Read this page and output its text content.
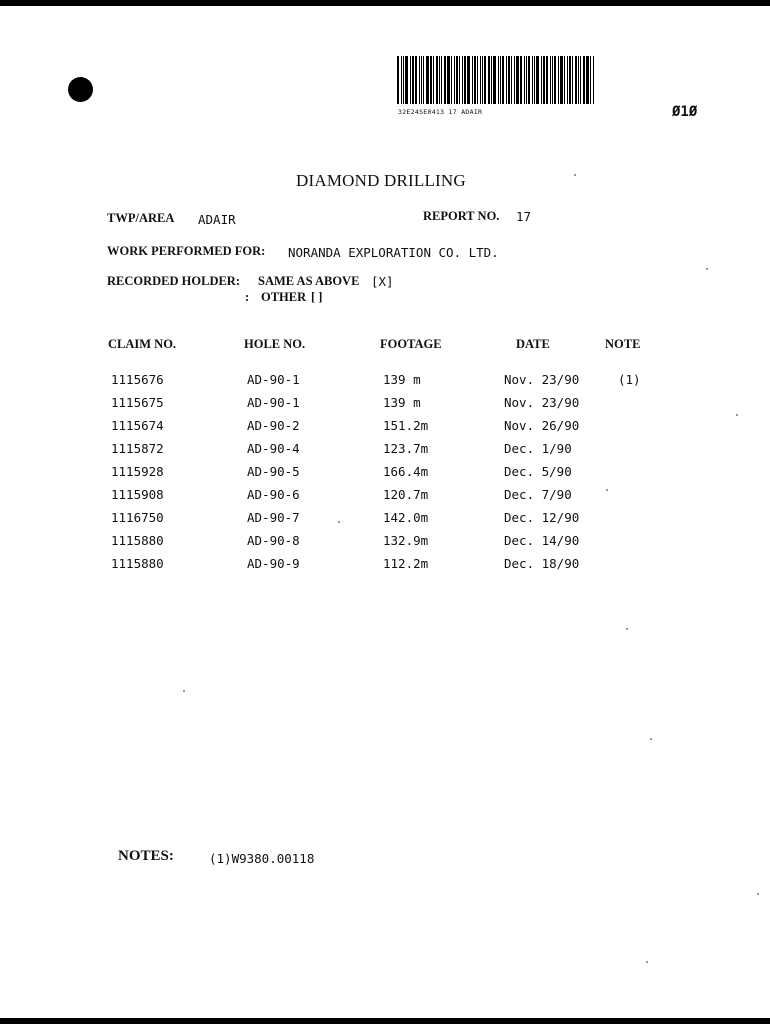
32E24SE0413 17 ADAIR	Ø1Ø
DIAMOND DRILLING
TWP/AREA ADAIR	REPORT NO. 17
WORK PERFORMED FOR: NORANDA EXPLORATION CO. LTD.
RECORDED HOLDER: SAME AS ABOVE [X]
: OTHER [ ]
CLAIM NO.	HOLE NO.	FOOTAGE	DATE	NOTE
1115676	AD-90-1	139 m	Nov. 23/90	(1)
1115675	AD-90-1	139 m	Nov. 23/90
1115674	AD-90-2	151.2m	Nov. 26/90
1115872	AD-90-4	123.7m	Dec. 1/90
1115928	AD-90-5	166.4m	Dec. 5/90
1115908	AD-90-6	120.7m	Dec. 7/90
1116750	AD-90-7	142.0m	Dec. 12/90
1115880	AD-90-8	132.9m	Dec. 14/90
1115880	AD-90-9	112.2m	Dec. 18/90
NOTES:	(1)W9380.00118
